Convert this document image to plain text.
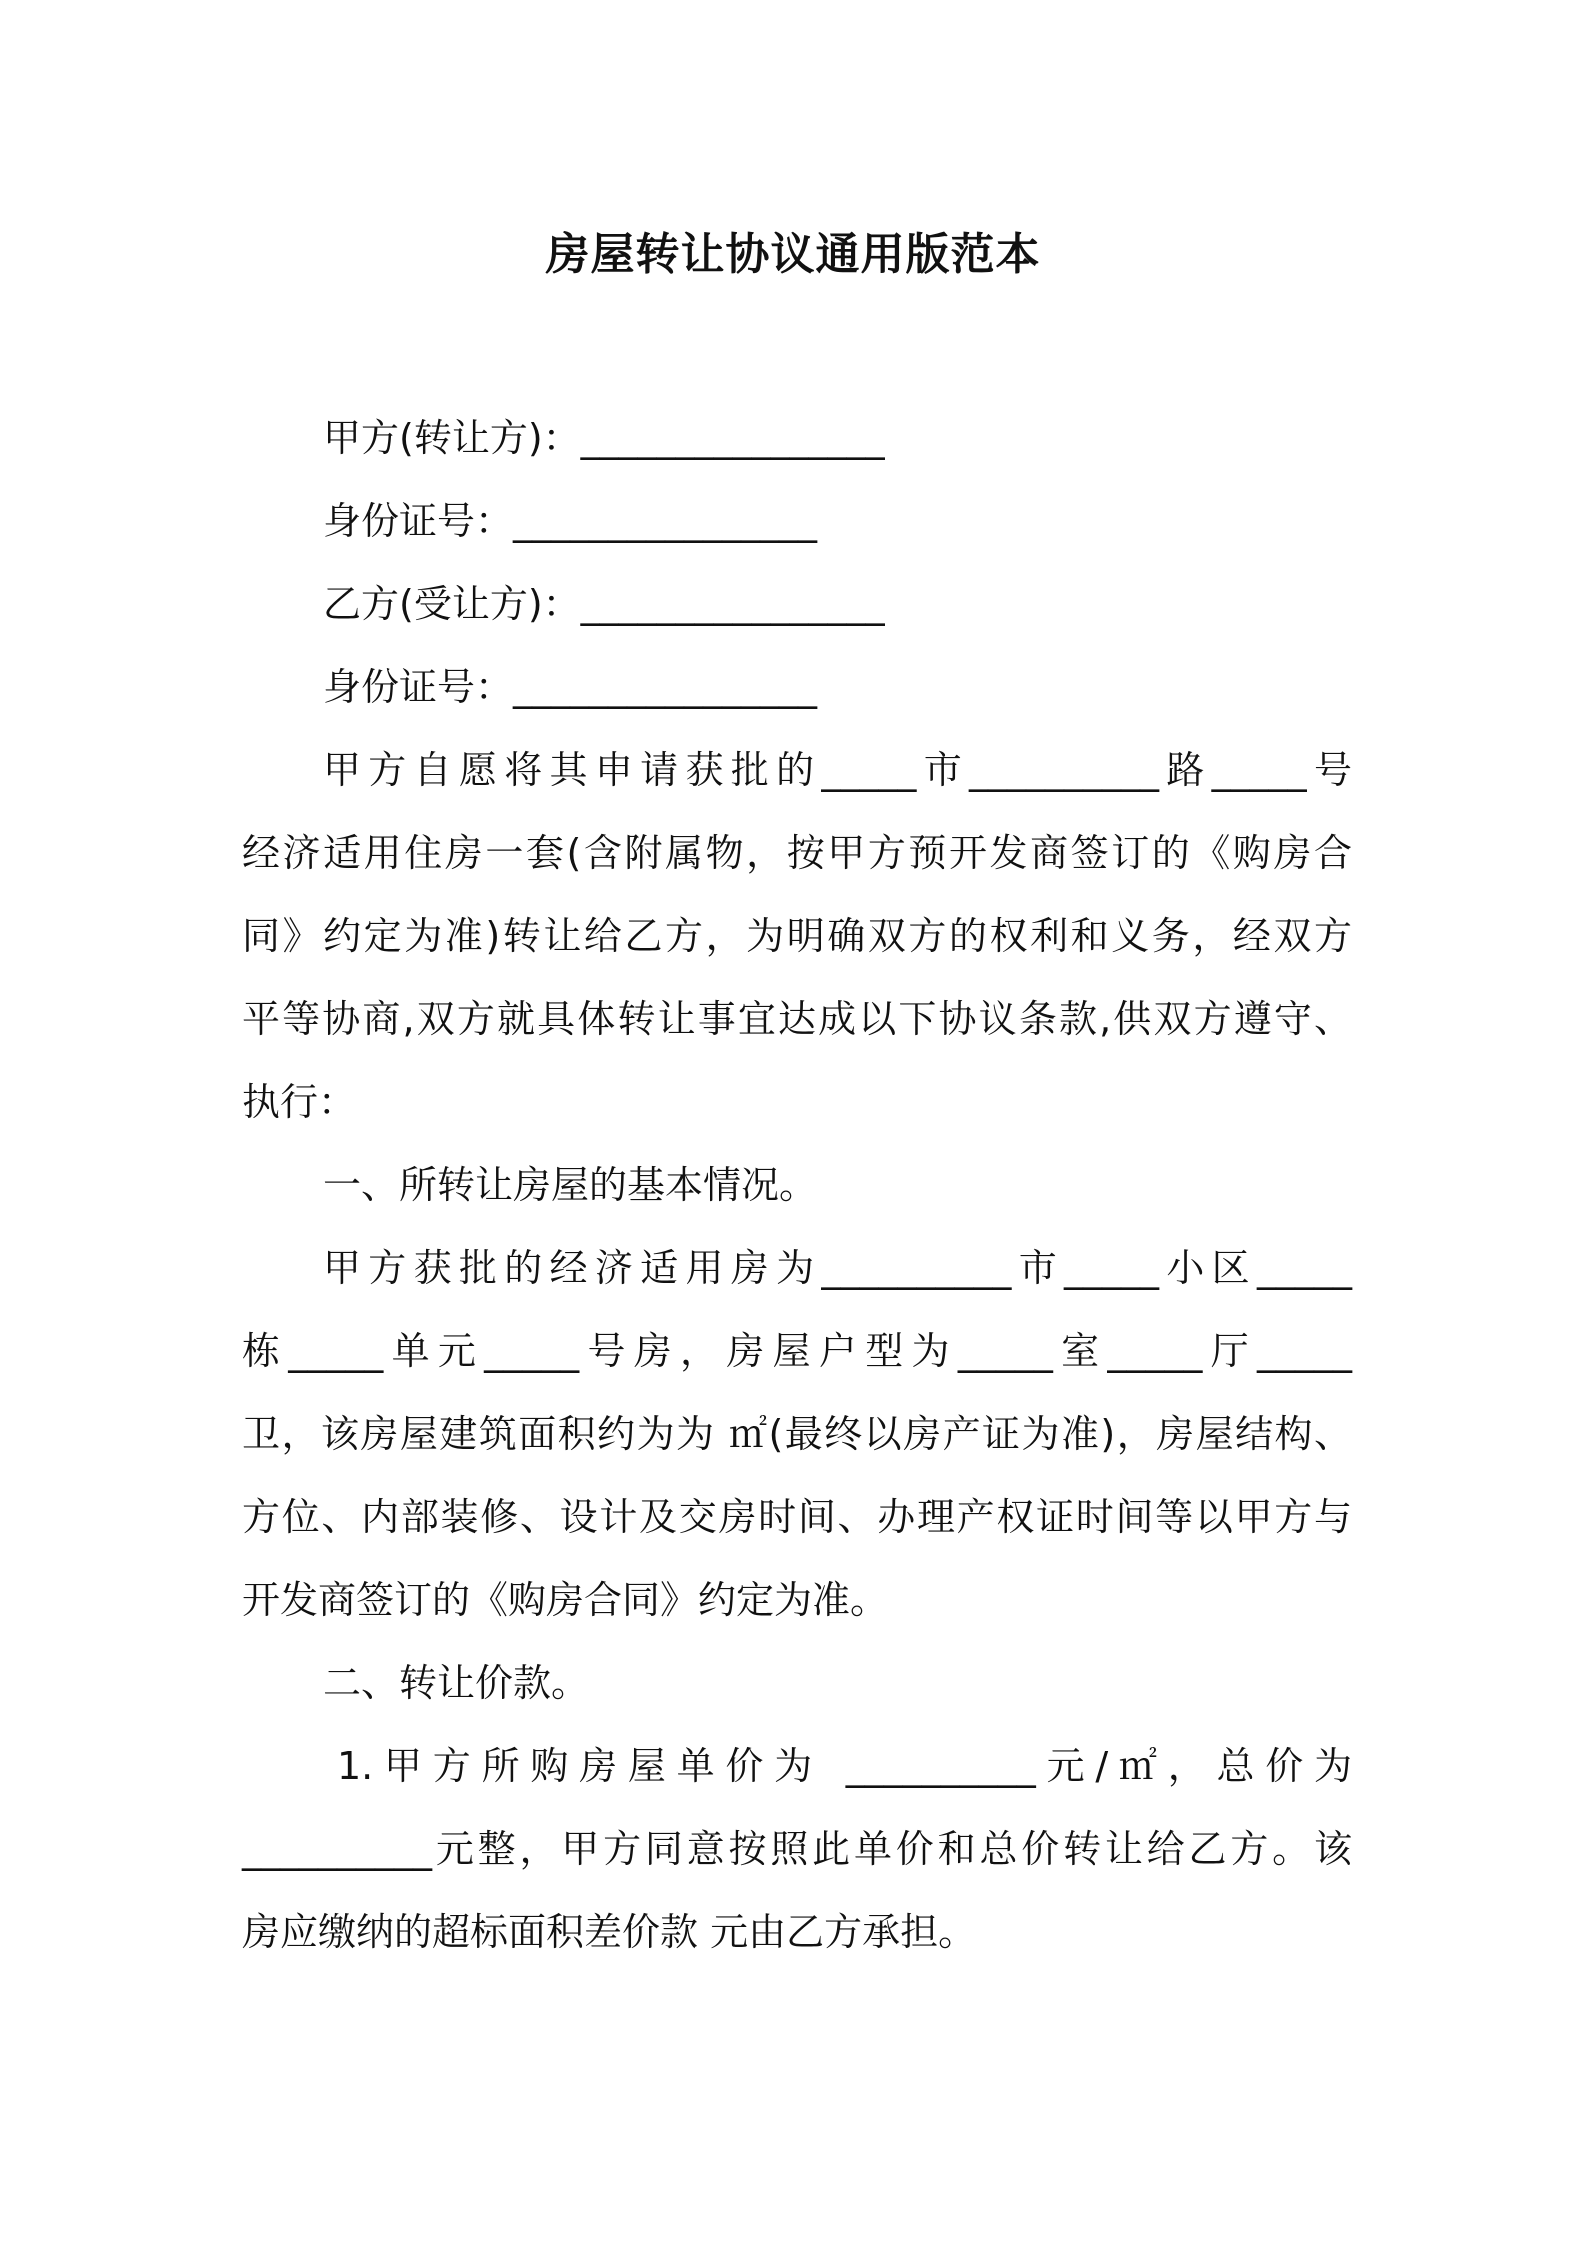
房屋转让协议通用版范本
甲方(转让方)：________________
身份证号：________________
乙方(受让方)：________________
身份证号：________________
甲方自愿将其申请获批的_____市__________路_____号
经济适用住房一套(含附属物，按甲方预开发商签订的《购房合
同》约定为准)转让给乙方，为明确双方的权利和义务，经双方
平等协商,双方就具体转让事宜达成以下协议条款,供双方遵守、
执行：
一、所转让房屋的基本情况。
甲方获批的经济适用房为__________市_____小区_____
栋_____单元_____号房，房屋户型为_____室_____厅_____
卫，该房屋建筑面积约为为 ㎡(最终以房产证为准)，房屋结构、
方位、内部装修、设计及交房时间、办理产权证时间等以甲方与
开发商签订的《购房合同》约定为准。
二、转让价款。
1.甲方所购房屋单价为 __________元/㎡，总价为
__________元整，甲方同意按照此单价和总价转让给乙方。该
房应缴纳的超标面积差价款 元由乙方承担。
